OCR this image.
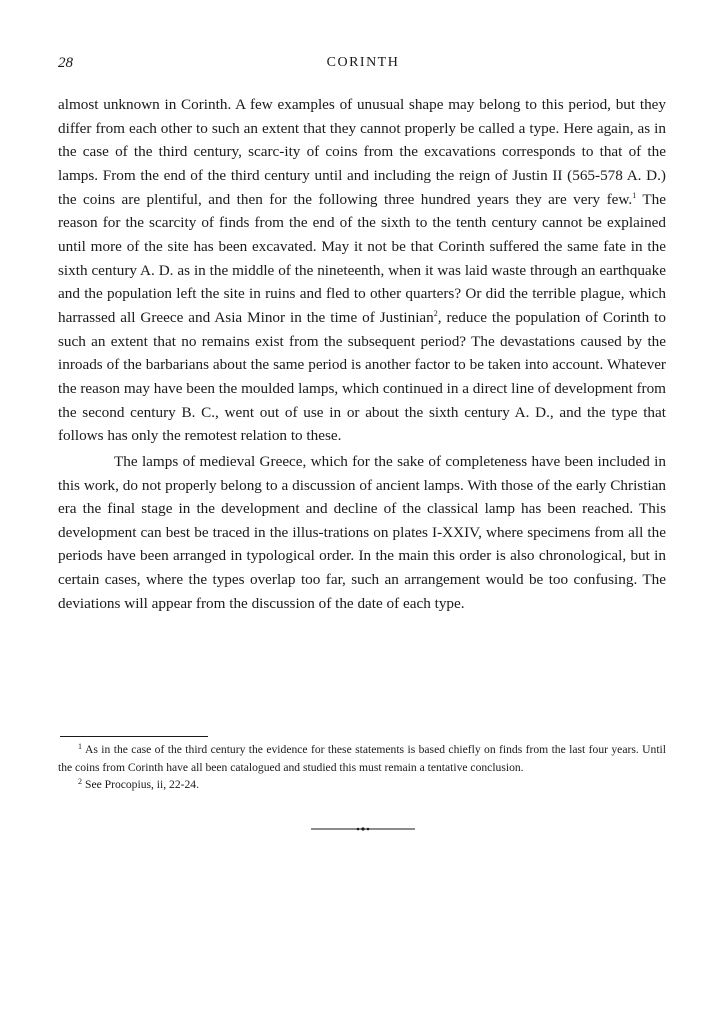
28	CORINTH

almost unknown in Corinth. A few examples of unusual shape may belong to this period, but they differ from each other to such an extent that they cannot properly be called a type. Here again, as in the case of the third century, scarc-ity of coins from the excavations corresponds to that of the lamps. From the end of the third century until and including the reign of Justin II (565-578 A. D.) the coins are plentiful, and then for the following three hundred years they are very few.$^1$ The reason for the scarcity of finds from the end of the sixth to the tenth century cannot be explained until more of the site has been excavated. May it not be that Corinth suffered the same fate in the sixth century A. D. as in the middle of the nineteenth, when it was laid waste through an earthquake and the population left the site in ruins and fled to other quarters? Or did the terrible plague, which harrassed all Greece and Asia Minor in the time of Justinian$^2$, reduce the population of Corinth to such an extent that no remains exist from the subsequent period? The devastations caused by the inroads of the barbarians about the same period is another factor to be taken into account. Whatever the reason may have been the moulded lamps, which continued in a direct line of development from the second century B. C., went out of use in or about the sixth century A. D., and the type that follows has only the remotest relation to these.

The lamps of medieval Greece, which for the sake of completeness have been included in this work, do not properly belong to a discussion of ancient lamps. With those of the early Christian era the final stage in the development and decline of the classical lamp has been reached. This development can best be traced in the illus-trations on plates I-XXIV, where specimens from all the periods have been arranged in typological order. In the main this order is also chronological, but in certain cases, where the types overlap too far, such an arrangement would be too confusing. The deviations will appear from the discussion of the date of each type.

$^1$ As in the case of the third century the evidence for these statements is based chiefly on finds from the last four years. Until the coins from Corinth have all been catalogued and studied this must remain a tentative conclusion.

$^2$ See Procopius, ii, 22-24.
